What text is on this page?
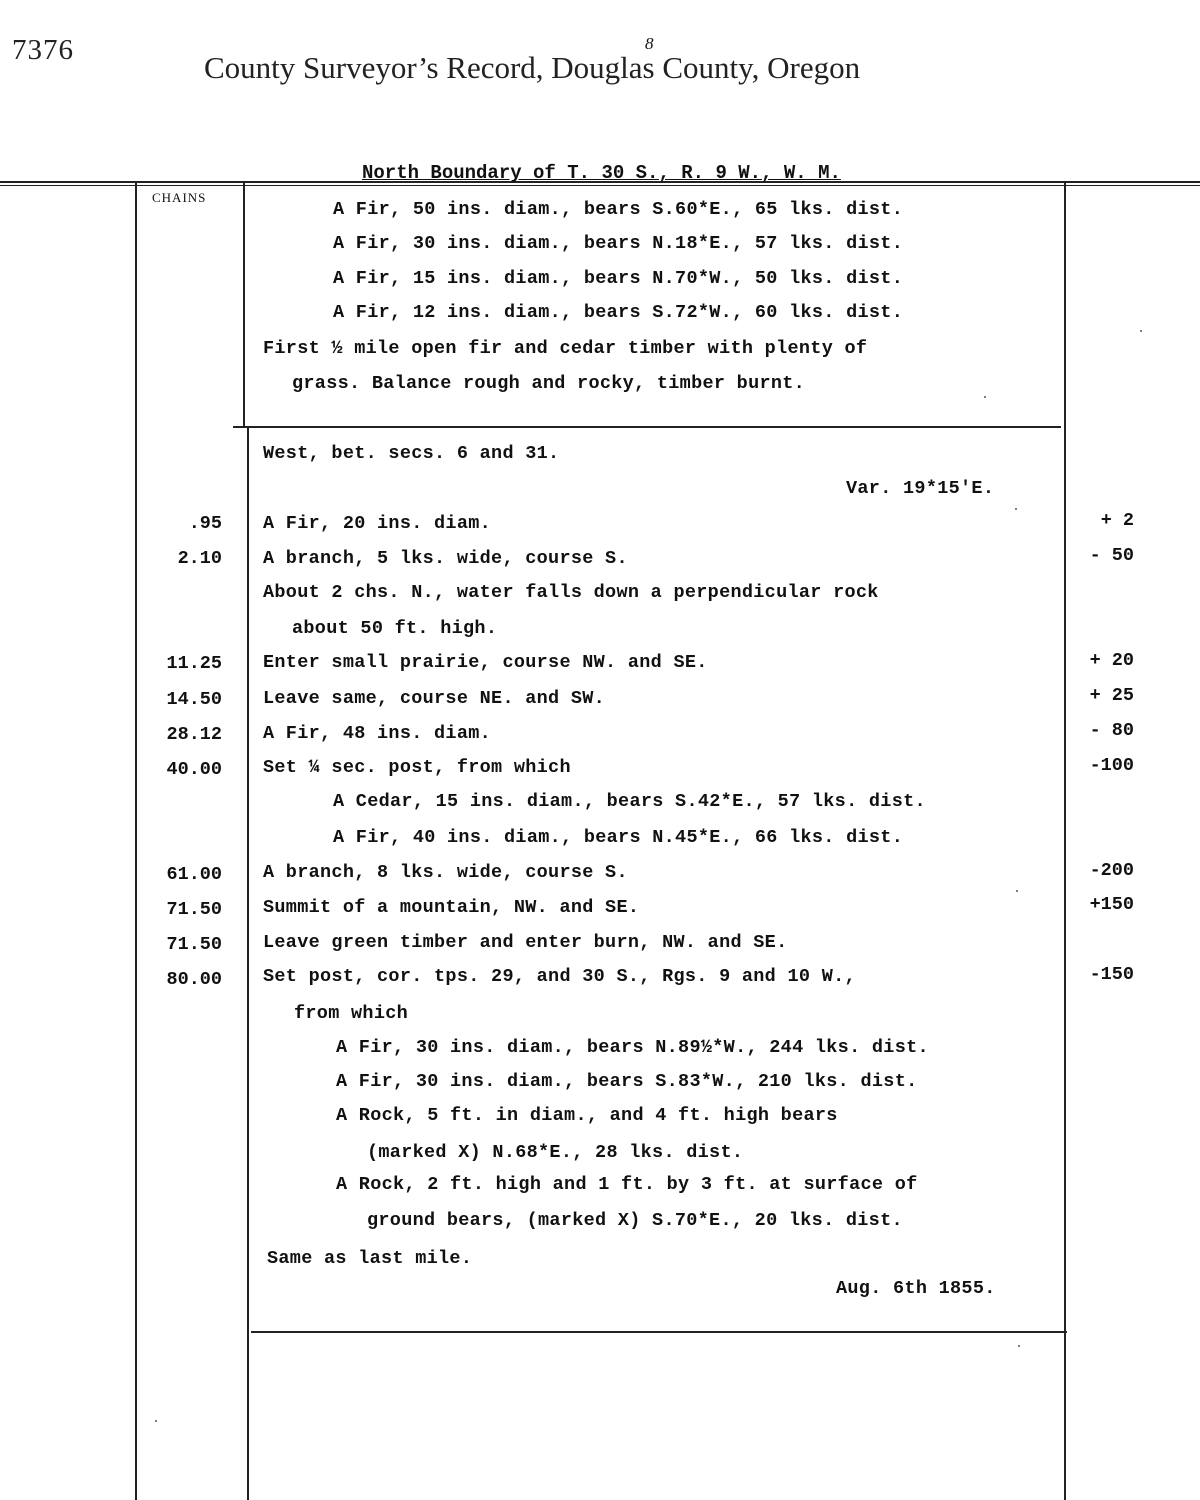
7376	8
County Surveyor’s Record, Douglas County, Oregon
North Boundary of T. 30 S., R. 9 W., W. M.
CHAINS
A Fir, 50 ins. diam., bears S.60*E., 65 lks. dist.
A Fir, 30 ins. diam., bears N.18*E., 57 lks. dist.
A Fir, 15 ins. diam., bears N.70*W., 50 lks. dist.
A Fir, 12 ins. diam., bears S.72*W., 60 lks. dist.
First ½ mile open fir and cedar timber with plenty of
grass. Balance rough and rocky, timber burnt.
West, bet. secs. 6 and 31.
Var. 19*15'E.
.95 A Fir, 20 ins. diam.	+ 2
2.10 A branch, 5 lks. wide, course S.	- 50
About 2 chs. N., water falls down a perpendicular rock
about 50 ft. high.
11.25 Enter small prairie, course NW. and SE.	+ 20
14.50 Leave same, course NE. and SW.	+ 25
28.12 A Fir, 48 ins. diam.	- 80
40.00 Set ¼ sec. post, from which	-100
A Cedar, 15 ins. diam., bears S.42*E., 57 lks. dist.
A Fir, 40 ins. diam., bears N.45*E., 66 lks. dist.
61.00 A branch, 8 lks. wide, course S.	-200
71.50 Summit of a mountain, NW. and SE.	+150
71.50 Leave green timber and enter burn, NW. and SE.
80.00 Set post, cor. tps. 29, and 30 S., Rgs. 9 and 10 W.,	-150
from which
A Fir, 30 ins. diam., bears N.89½*W., 244 lks. dist.
A Fir, 30 ins. diam., bears S.83*W., 210 lks. dist.
A Rock, 5 ft. in diam., and 4 ft. high bears
(marked X) N.68*E., 28 lks. dist.
A Rock, 2 ft. high and 1 ft. by 3 ft. at surface of
ground bears, (marked X) S.70*E., 20 lks. dist.
Same as last mile.
Aug. 6th 1855.
